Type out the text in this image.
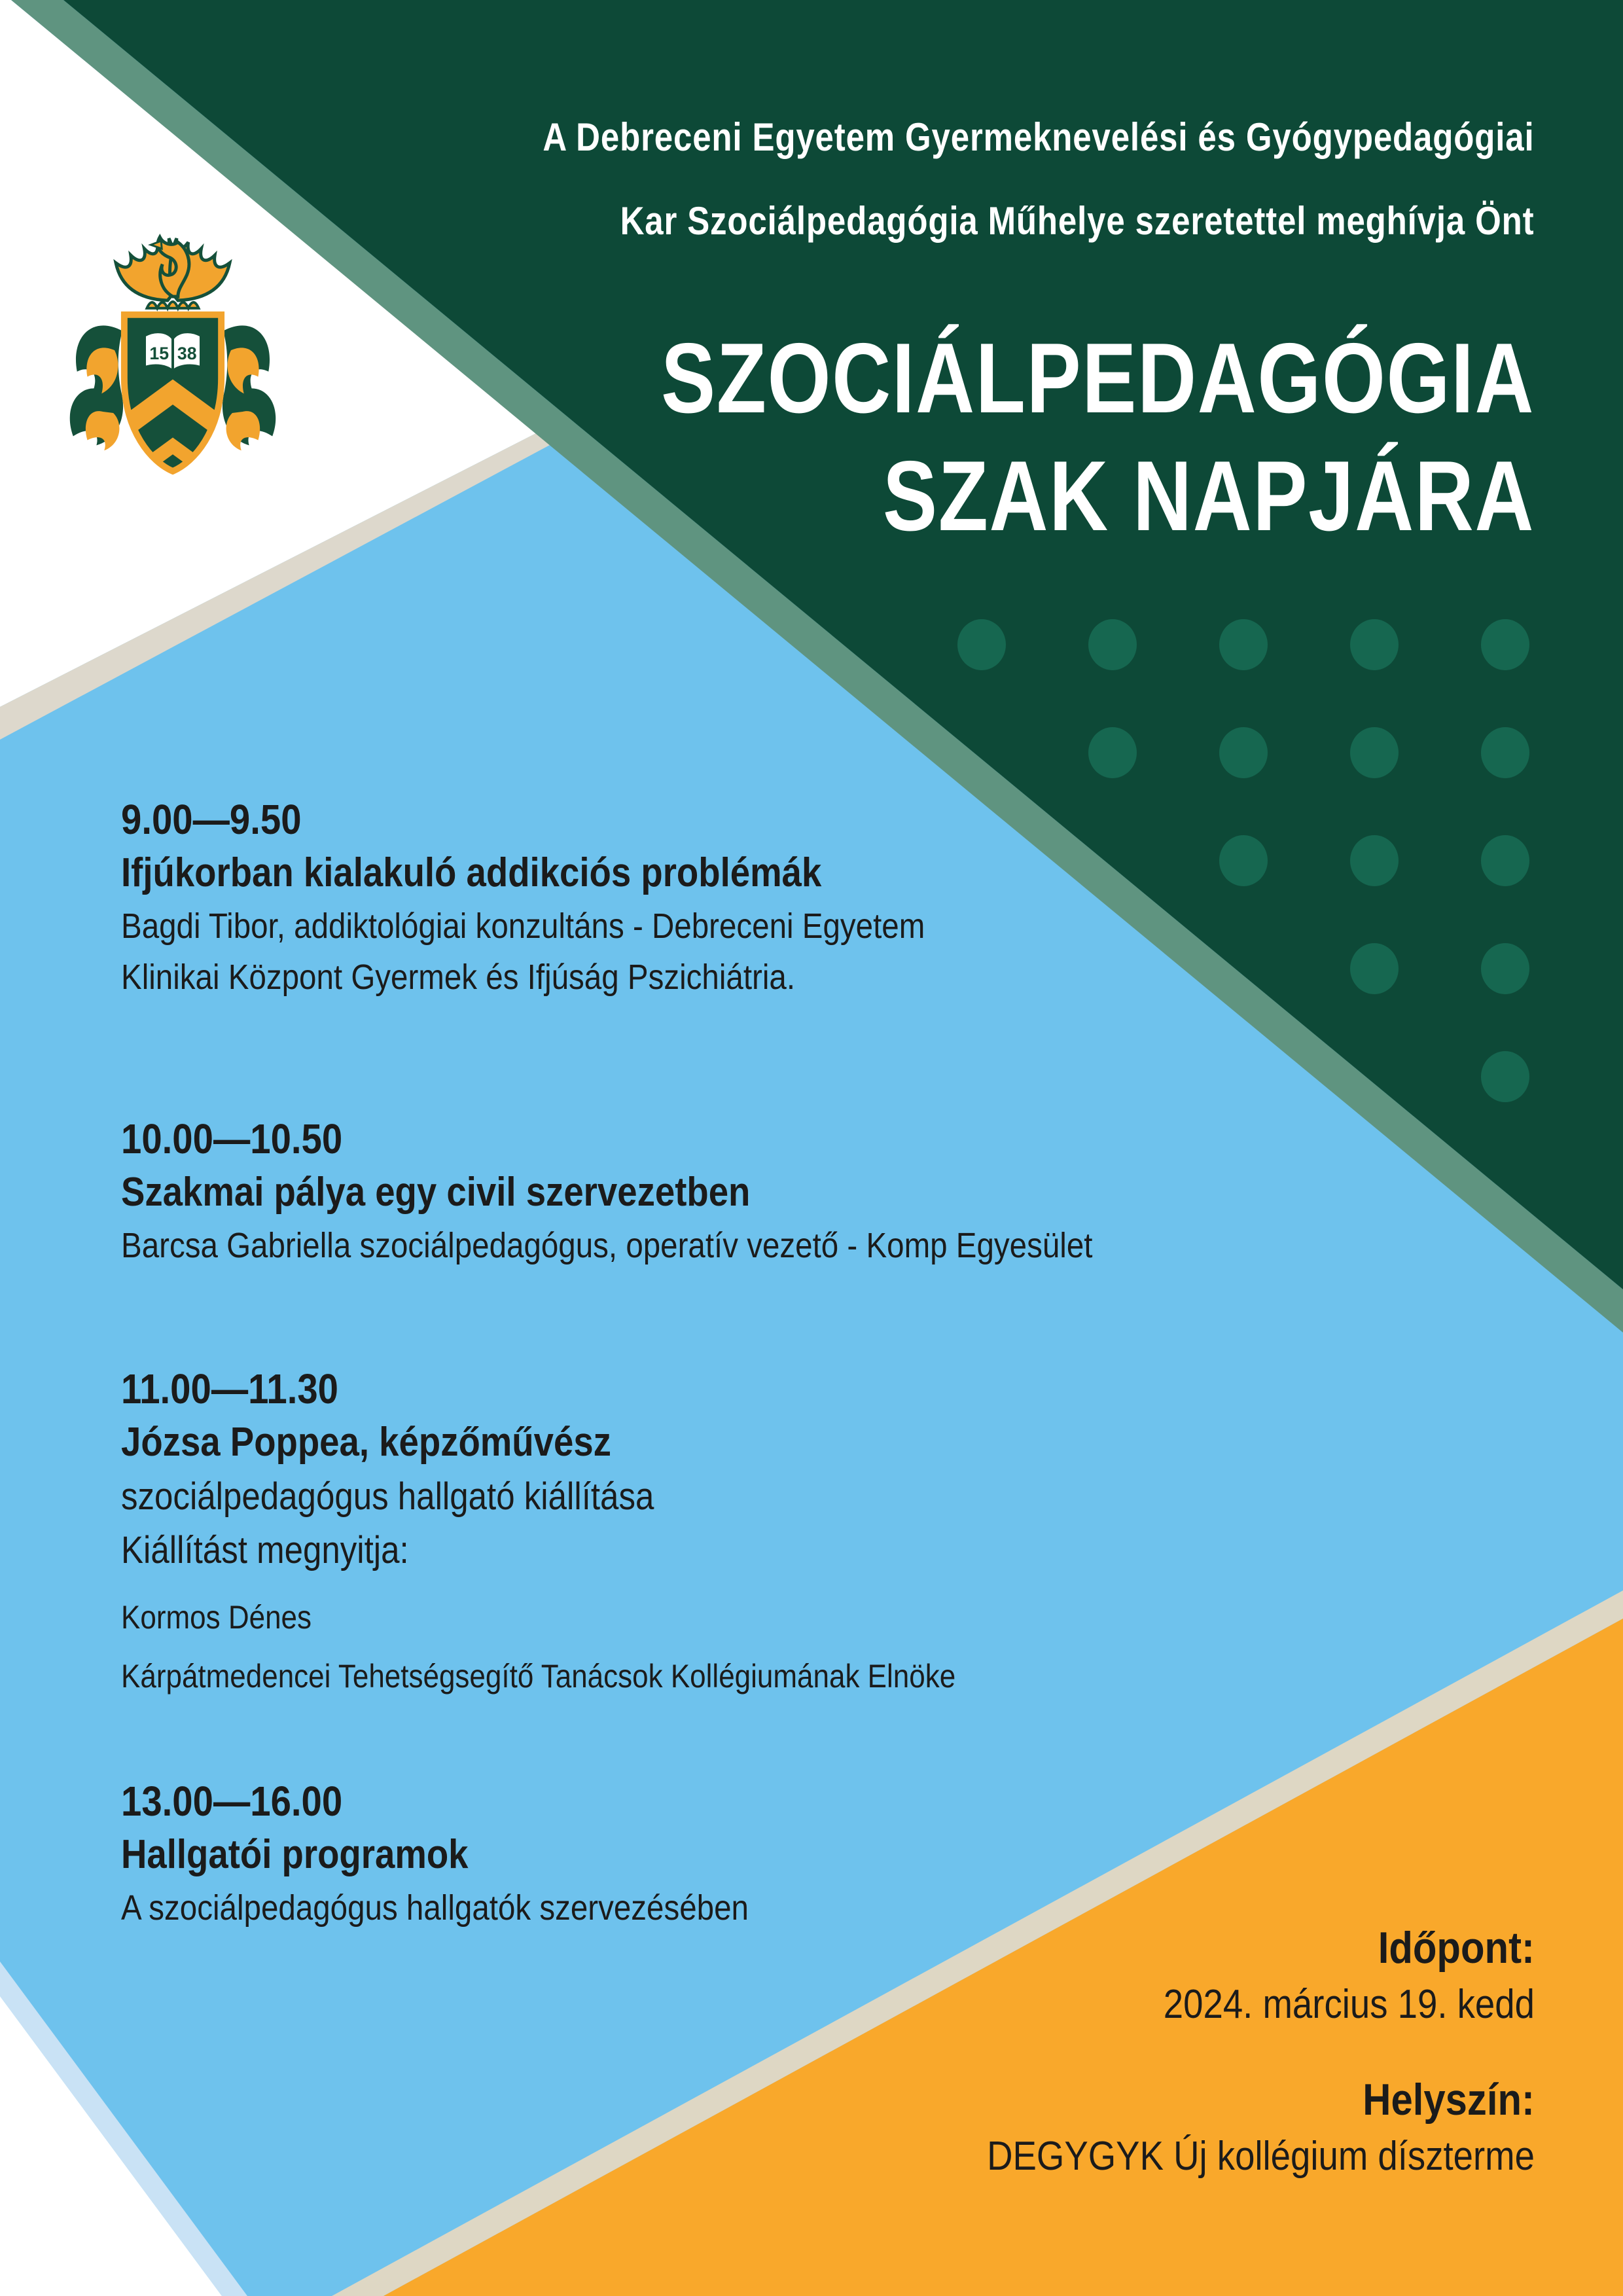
15 38
A Debreceni Egyetem Gyermeknevelési és Gyógypedagógiai
Kar Szociálpedagógia Műhelye szeretettel meghívja Önt
SZOCIÁLPEDAGÓGIA
SZAK NAPJÁRA
9.00—9.50
Ifjúkorban kialakuló addikciós problémák
Bagdi Tibor, addiktológiai konzultáns - Debreceni Egyetem
Klinikai Központ Gyermek és Ifjúság Pszichiátria.
10.00—10.50
Szakmai pálya egy civil szervezetben
Barcsa Gabriella szociálpedagógus, operatív vezető - Komp Egyesület
11.00—11.30
Józsa Poppea, képzőművész
szociálpedagógus hallgató kiállítása
Kiállítást megnyitja:
Kormos Dénes
Kárpátmedencei Tehetségsegítő Tanácsok Kollégiumának Elnöke
13.00—16.00
Hallgatói programok
A szociálpedagógus hallgatók szervezésében
Időpont:
2024. március 19. kedd
Helyszín:
DEGYGYK Új kollégium díszterme
